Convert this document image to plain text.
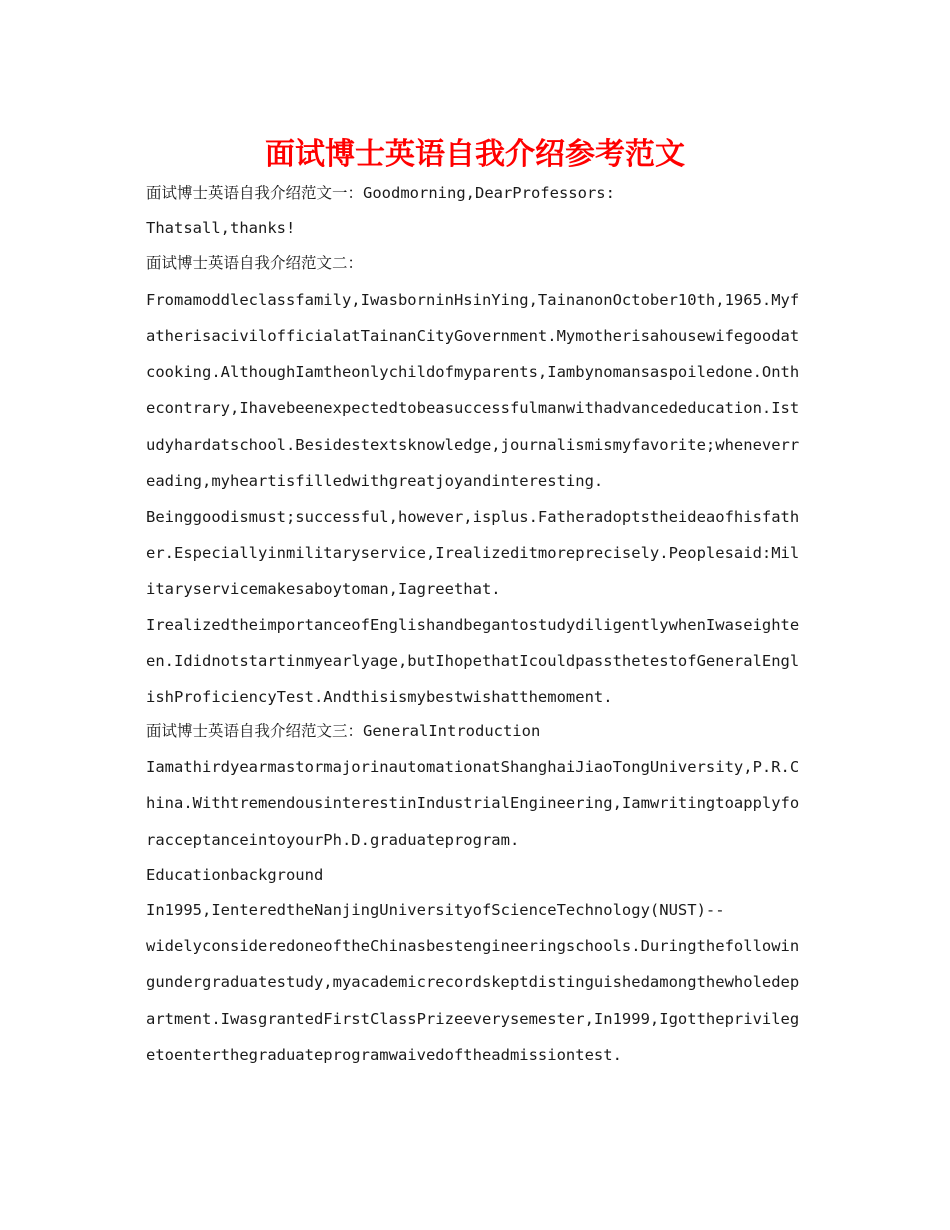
面试博士英语自我介绍参考范文

面试博士英语自我介绍范文一：Goodmorning,DearProfessors:

Thatsall,thanks!

面试博士英语自我介绍范文二：

Fromamoddleclassfamily,IwasborninHsinYing,TainanonOctober10th,1965.Myf

atherisacivilofficialatTainanCityGovernment.Mymotherisahousewifegoodat

cooking.AlthoughIamtheonlychildofmyparents,Iambynomansaspoiledone.Onth

econtrary,Ihavebeenexpectedtobeasuccessfulmanwithadvancededucation.Ist

udyhardatschool.Besidestextsknowledge,journalismismyfavorite;wheneverr

eading,myheartisfilledwithgreatjoyandinteresting.

Beinggoodismust;successful,however,isplus.Fatheradoptstheideaofhisfath

er.Especiallyinmilitaryservice,Irealizeditmoreprecisely.Peoplesaid:Mil

itaryservicemakesaboytoman,Iagreethat.

IrealizedtheimportanceofEnglishandbegantostudydiligentlywhenIwaseighte

en.Ididnotstartinmyearlyage,butIhopethatIcouldpassthetestofGeneralEngl

ishProficiencyTest.Andthisismybestwishatthemoment.

面试博士英语自我介绍范文三：GeneralIntroduction

IamathirdyearmastormajorinautomationatShanghaiJiaoTongUniversity,P.R.C

hina.WithtremendousinterestinIndustrialEngineering,Iamwritingtoapplyfo

racceptanceintoyourPh.D.graduateprogram.

Educationbackground

In1995,IenteredtheNanjingUniversityofScienceTechnology(NUST)--

widelyconsideredoneoftheChinasbestengineeringschools.Duringthefollowin

gundergraduatestudy,myacademicrecordskeptdistinguishedamongthewholedep

artment.IwasgrantedFirstClassPrizeeverysemester,In1999,Igottheprivileg

etoenterthegraduateprogramwaivedoftheadmissiontest.
